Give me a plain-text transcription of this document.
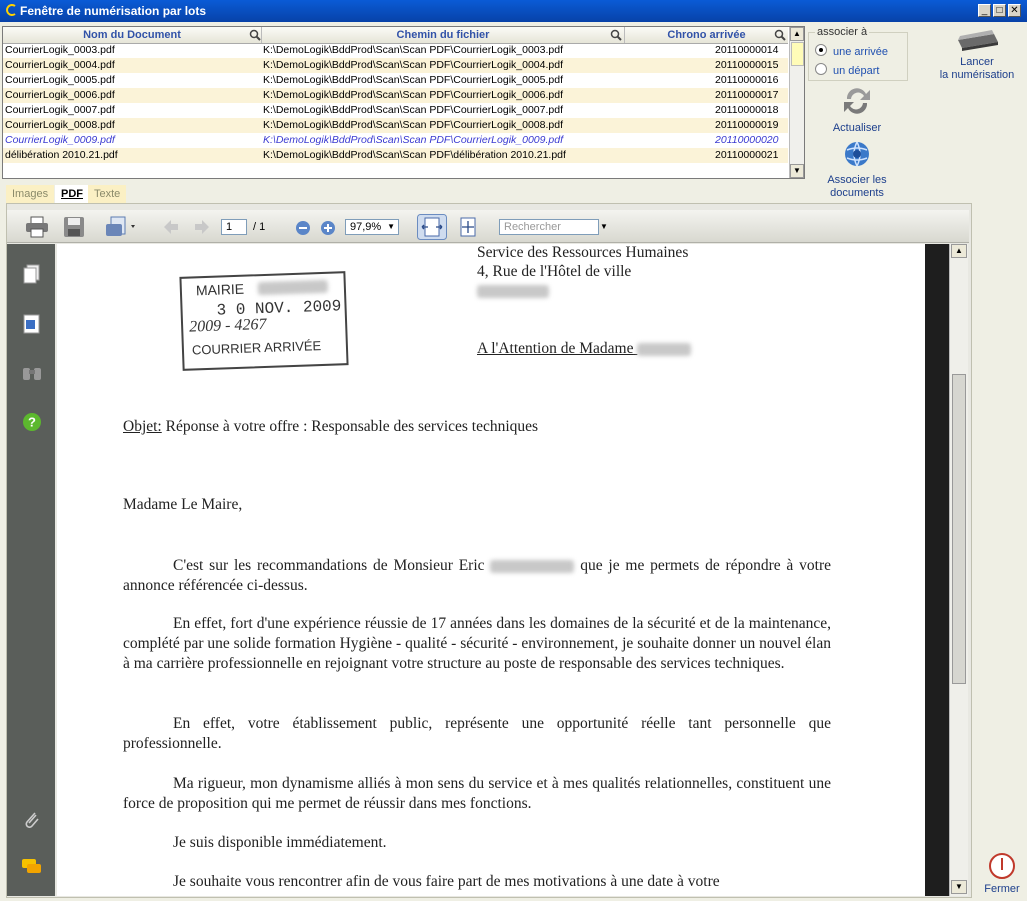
Fenêtre de numérisation par lots	_ □ ✕
Nom du Document	Chemin du fichier	Chrono arrivée
CourrierLogik_0003.pdf	K:\DemoLogik\BddProd\Scan\Scan PDF\CourrierLogik_0003.pdf	20110000014
CourrierLogik_0004.pdf	K:\DemoLogik\BddProd\Scan\Scan PDF\CourrierLogik_0004.pdf	20110000015
CourrierLogik_0005.pdf	K:\DemoLogik\BddProd\Scan\Scan PDF\CourrierLogik_0005.pdf	20110000016
CourrierLogik_0006.pdf	K:\DemoLogik\BddProd\Scan\Scan PDF\CourrierLogik_0006.pdf	20110000017
CourrierLogik_0007.pdf	K:\DemoLogik\BddProd\Scan\Scan PDF\CourrierLogik_0007.pdf	20110000018
CourrierLogik_0008.pdf	K:\DemoLogik\BddProd\Scan\Scan PDF\CourrierLogik_0008.pdf	20110000019
CourrierLogik_0009.pdf	K:\DemoLogik\BddProd\Scan\Scan PDF\CourrierLogik_0009.pdf	20110000020
délibération 2010.21.pdf	K:\DemoLogik\BddProd\Scan\Scan PDF\délibération 2010.21.pdf	20110000021
▲
▼
associer à
une arrivée
un départ

Lancer
la numérisation

Actualiser

Associer les
documents
Images	PDF	Texte
1	/ 1	97,9% ▼	Rechercher	▼
?
Service des Ressources Humaines
4, Rue de l'Hôtel de ville
MAIRIE
3 0 NOV. 2009
2009 - 4267
COURRIER ARRIVÉE	A l'Attention de Madame
Objet: Réponse à votre offre : Responsable des services techniques
Madame Le Maire,
C'est sur les recommandations de Monsieur Eric	que je me permets de répondre à votre annonce référencée ci-dessus.
En effet, fort d'une expérience réussie de 17 années dans les domaines de la sécurité et de la maintenance, complété par une solide formation Hygiène - qualité - sécurité - environnement, je souhaite donner un nouvel élan à ma carrière professionnelle en rejoignant votre structure au poste de responsable des services techniques.
En effet, votre établissement public, représente une opportunité réelle tant personnelle que professionnelle.
Ma rigueur, mon dynamisme alliés à mon sens du service et à mes qualités relationnelles, constituent une force de proposition qui me permet de réussir dans mes fonctions.
Je suis disponible immédiatement.
Je souhaite vous rencontrer afin de vous faire part de mes motivations à une date à votre
▲
▼	Fermer
